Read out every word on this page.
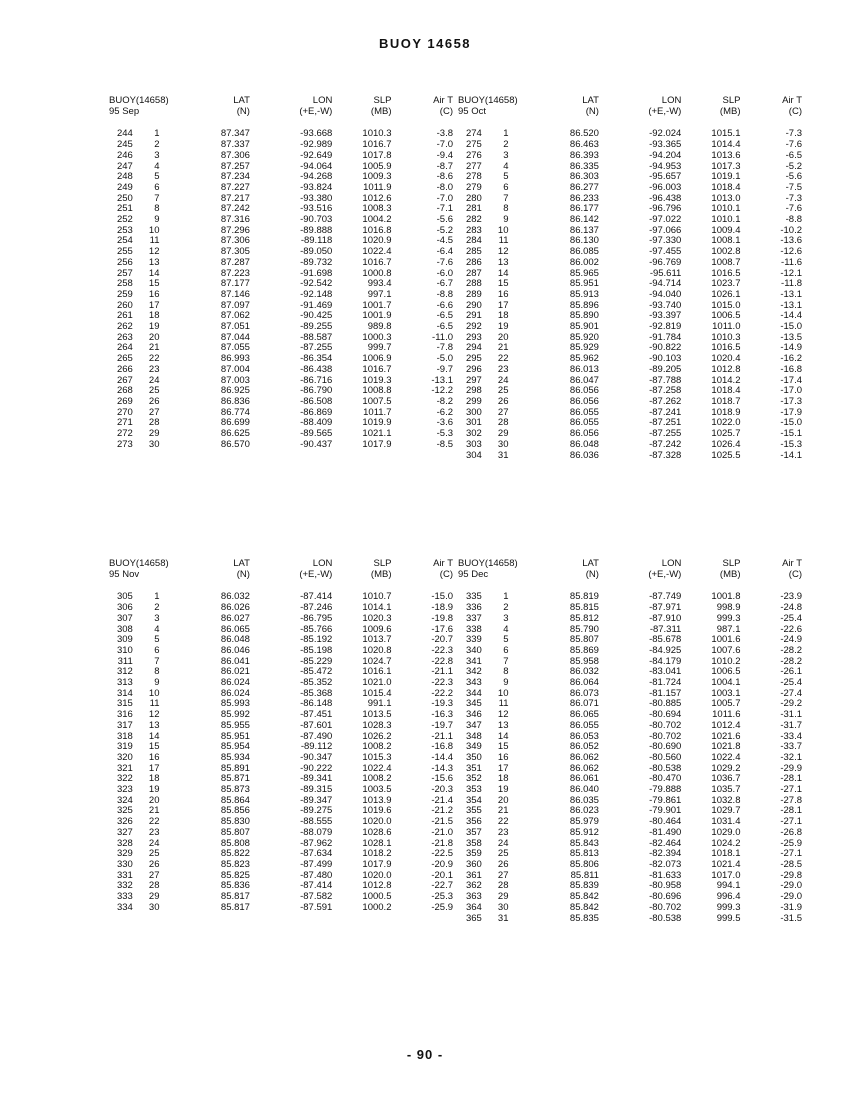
BUOY 14658
BUOY(14658)		LAT	LON	SLP	Air T
95 Sep		(N)	(+E,-W)	(MB)	(C)

244	1	87.347	-93.668	1010.3	-3.8
245	2	87.337	-92.989	1016.7	-7.0
246	3	87.306	-92.649	1017.8	-9.4
247	4	87.257	-94.064	1005.9	-8.7
248	5	87.234	-94.268	1009.3	-8.6
249	6	87.227	-93.824	1011.9	-8.0
250	7	87.217	-93.380	1012.6	-7.0
251	8	87.242	-93.516	1008.3	-7.1
252	9	87.316	-90.703	1004.2	-5.6
253	10	87.296	-89.888	1016.8	-5.2
254	11	87.306	-89.118	1020.9	-4.5
255	12	87.305	-89.050	1022.4	-6.4
256	13	87.287	-89.732	1016.7	-7.6
257	14	87.223	-91.698	1000.8	-6.0
258	15	87.177	-92.542	993.4	-6.7
259	16	87.146	-92.148	997.1	-8.8
260	17	87.097	-91.469	1001.7	-6.6
261	18	87.062	-90.425	1001.9	-6.5
262	19	87.051	-89.255	989.8	-6.5
263	20	87.044	-88.587	1000.3	-11.0
264	21	87.055	-87.255	999.7	-7.8
265	22	86.993	-86.354	1006.9	-5.0
266	23	87.004	-86.438	1016.7	-9.7
267	24	87.003	-86.716	1019.3	-13.1
268	25	86.925	-86.790	1008.8	-12.2
269	26	86.836	-86.508	1007.5	-8.2
270	27	86.774	-86.869	1011.7	-6.2
271	28	86.699	-88.409	1019.9	-3.6
272	29	86.625	-89.565	1021.1	-5.3
273	30	86.570	-90.437	1017.9	-8.5
BUOY(14658)		LAT	LON	SLP	Air T
95 Oct		(N)	(+E,-W)	(MB)	(C)

274	1	86.520	-92.024	1015.1	-7.3
275	2	86.463	-93.365	1014.4	-7.6
276	3	86.393	-94.204	1013.6	-6.5
277	4	86.335	-94.953	1017.3	-5.2
278	5	86.303	-95.657	1019.1	-5.6
279	6	86.277	-96.003	1018.4	-7.5
280	7	86.233	-96.438	1013.0	-7.3
281	8	86.177	-96.796	1010.1	-7.6
282	9	86.142	-97.022	1010.1	-8.8
283	10	86.137	-97.066	1009.4	-10.2
284	11	86.130	-97.330	1008.1	-13.6
285	12	86.085	-97.455	1002.8	-12.6
286	13	86.002	-96.769	1008.7	-11.6
287	14	85.965	-95.611	1016.5	-12.1
288	15	85.951	-94.714	1023.7	-11.8
289	16	85.913	-94.040	1026.1	-13.1
290	17	85.896	-93.740	1015.0	-13.1
291	18	85.890	-93.397	1006.5	-14.4
292	19	85.901	-92.819	1011.0	-15.0
293	20	85.920	-91.784	1010.3	-13.5
294	21	85.929	-90.822	1016.5	-14.9
295	22	85.962	-90.103	1020.4	-16.2
296	23	86.013	-89.205	1012.8	-16.8
297	24	86.047	-87.788	1014.2	-17.4
298	25	86.056	-87.258	1018.4	-17.0
299	26	86.056	-87.262	1018.7	-17.3
300	27	86.055	-87.241	1018.9	-17.9
301	28	86.055	-87.251	1022.0	-15.0
302	29	86.056	-87.255	1025.7	-15.1
303	30	86.048	-87.242	1026.4	-15.3
304	31	86.036	-87.328	1025.5	-14.1
BUOY(14658)		LAT	LON	SLP	Air T
95 Nov		(N)	(+E,-W)	(MB)	(C)

305	1	86.032	-87.414	1010.7	-15.0
306	2	86.026	-87.246	1014.1	-18.9
307	3	86.027	-86.795	1020.3	-19.8
308	4	86.065	-85.766	1009.6	-17.6
309	5	86.048	-85.192	1013.7	-20.7
310	6	86.046	-85.198	1020.8	-22.3
311	7	86.041	-85.229	1024.7	-22.8
312	8	86.021	-85.472	1016.1	-21.1
313	9	86.024	-85.352	1021.0	-22.3
314	10	86.024	-85.368	1015.4	-22.2
315	11	85.993	-86.148	991.1	-19.3
316	12	85.992	-87.451	1013.5	-16.3
317	13	85.955	-87.601	1028.3	-19.7
318	14	85.951	-87.490	1026.2	-21.1
319	15	85.954	-89.112	1008.2	-16.8
320	16	85.934	-90.347	1015.3	-14.4
321	17	85.891	-90.222	1022.4	-14.3
322	18	85.871	-89.341	1008.2	-15.6
323	19	85.873	-89.315	1003.5	-20.3
324	20	85.864	-89.347	1013.9	-21.4
325	21	85.856	-89.275	1019.6	-21.2
326	22	85.830	-88.555	1020.0	-21.5
327	23	85.807	-88.079	1028.6	-21.0
328	24	85.808	-87.962	1028.1	-21.8
329	25	85.822	-87.634	1018.2	-22.5
330	26	85.823	-87.499	1017.9	-20.9
331	27	85.825	-87.480	1020.0	-20.1
332	28	85.836	-87.414	1012.8	-22.7
333	29	85.817	-87.582	1000.5	-25.3
334	30	85.817	-87.591	1000.2	-25.9
BUOY(14658)		LAT	LON	SLP	Air T
95 Dec		(N)	(+E,-W)	(MB)	(C)

335	1	85.819	-87.749	1001.8	-23.9
336	2	85.815	-87.971	998.9	-24.8
337	3	85.812	-87.910	999.3	-25.4
338	4	85.790	-87.311	987.1	-22.6
339	5	85.807	-85.678	1001.6	-24.9
340	6	85.869	-84.925	1007.6	-28.2
341	7	85.958	-84.179	1010.2	-28.2
342	8	86.032	-83.041	1006.5	-26.1
343	9	86.064	-81.724	1004.1	-25.4
344	10	86.073	-81.157	1003.1	-27.4
345	11	86.071	-80.885	1005.7	-29.2
346	12	86.065	-80.694	1011.6	-31.1
347	13	86.055	-80.702	1012.4	-31.7
348	14	86.053	-80.702	1021.6	-33.4
349	15	86.052	-80.690	1021.8	-33.7
350	16	86.062	-80.560	1022.4	-32.1
351	17	86.062	-80.538	1029.2	-29.9
352	18	86.061	-80.470	1036.7	-28.1
353	19	86.040	-79.888	1035.7	-27.1
354	20	86.035	-79.861	1032.8	-27.8
355	21	86.023	-79.901	1029.7	-28.1
356	22	85.979	-80.464	1031.4	-27.1
357	23	85.912	-81.490	1029.0	-26.8
358	24	85.843	-82.464	1024.2	-25.9
359	25	85.813	-82.394	1018.1	-27.1
360	26	85.806	-82.073	1021.4	-28.5
361	27	85.811	-81.633	1017.0	-29.8
362	28	85.839	-80.958	994.1	-29.0
363	29	85.842	-80.696	996.4	-29.0
364	30	85.842	-80.702	999.3	-31.9
365	31	85.835	-80.538	999.5	-31.5
- 90 -
